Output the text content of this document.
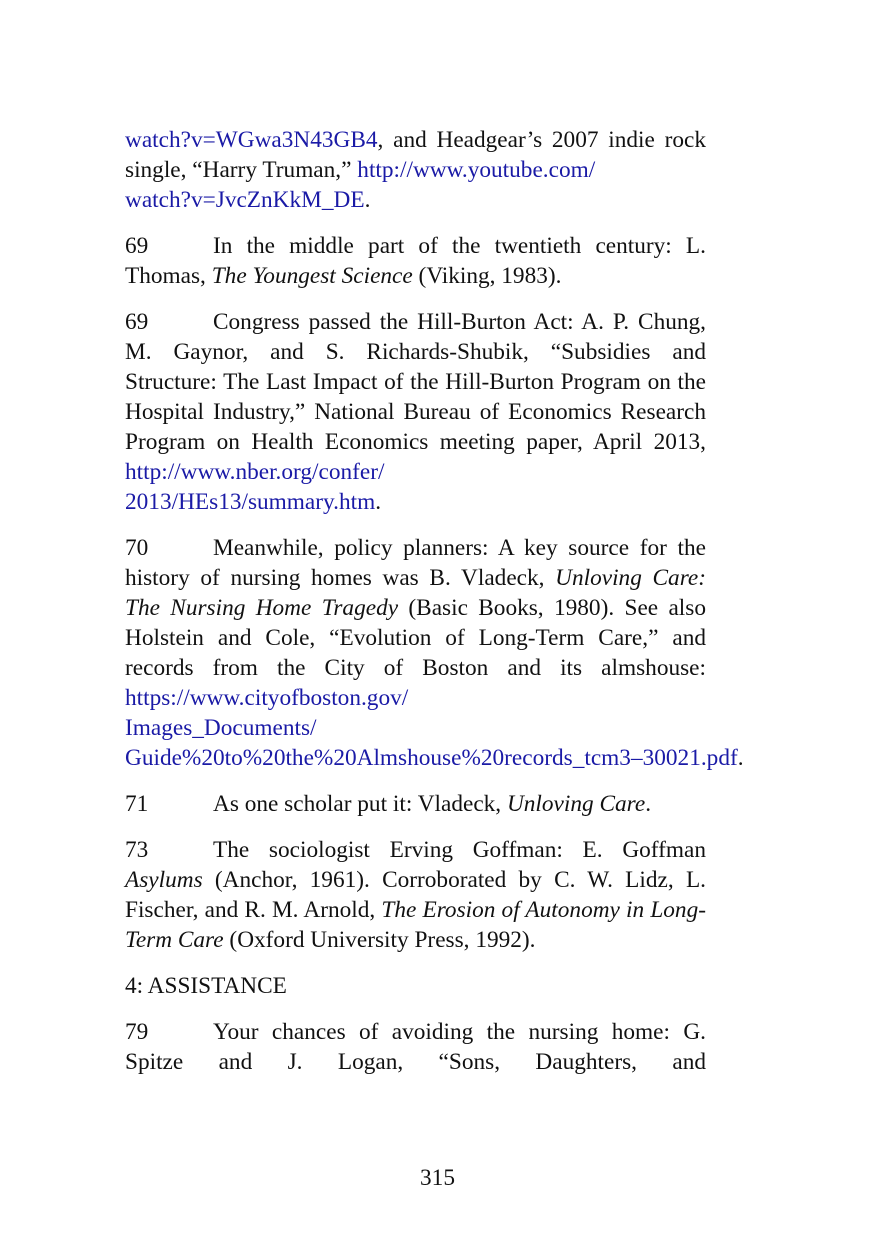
watch?v=WGwa3N43GB4, and Headgear’s 2007 indie rock single, “Harry Truman,” http://www.youtube.com/
watch?v=JvcZnKkM_DE.

69	In the middle part of the twentieth century: L. Thomas, The Youngest Science (Viking, 1983).

69	Congress passed the Hill-Burton Act: A. P. Chung, M. Gaynor, and S. Richards-Shubik, “Subsidies and Structure: The Last Impact of the Hill-Burton Program on the Hospital Industry,” National Bureau of Economics Research Program on Health Economics meeting paper, April 2013, http://www.nber.org/confer/
2013/HEs13/summary.htm.

70	Meanwhile, policy planners: A key source for the history of nursing homes was B. Vladeck, Unloving Care: The Nursing Home Tragedy (Basic Books, 1980). See also Holstein and Cole, “Evolution of Long-Term Care,” and records from the City of Boston and its almshouse: https://www.cityofboston.gov/
Images_Documents/
Guide%20to%20the%20Almshouse%20records_tcm3–30021.pdf.

71	As one scholar put it: Vladeck, Unloving Care.

73	The sociologist Erving Goffman: E. Goffman Asylums (Anchor, 1961). Corroborated by C. W. Lidz, L. Fischer, and R. M. Arnold, The Erosion of Autonomy in Long-Term Care (Oxford University Press, 1992).

4: ASSISTANCE

79	Your chances of avoiding the nursing home: G. Spitze and J. Logan, “Sons, Daughters, and

315
